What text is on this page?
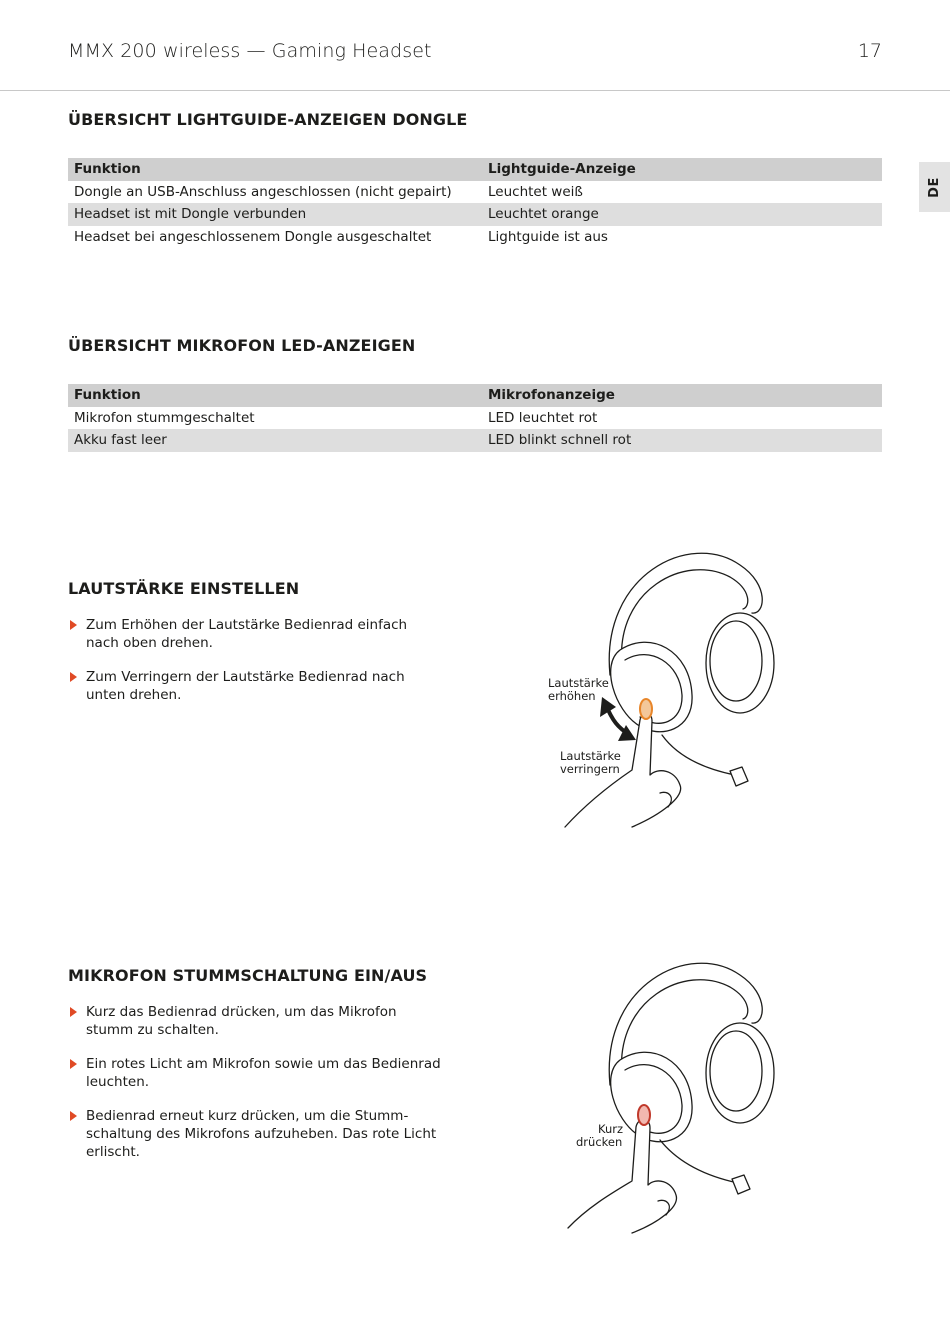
MMX 200 wireless — Gaming Headset	17
DE
ÜBERSICHT LIGHTGUIDE-ANZEIGEN DONGLE
Funktion	Lightguide-Anzeige
Dongle an USB-Anschluss angeschlossen (nicht gepairt)	Leuchtet weiß
Headset ist mit Dongle verbunden	Leuchtet orange
Headset bei angeschlossenem Dongle ausgeschaltet	Lightguide ist aus
ÜBERSICHT MIKROFON LED-ANZEIGEN
Funktion	Mikrofonanzeige
Mikrofon stummgeschaltet	LED leuchtet rot
Akku fast leer	LED blinkt schnell rot
LAUTSTÄRKE EINSTELLEN
Zum Erhöhen der Lautstärke Bedienrad einfach nach oben drehen.
Zum Verringern der Lautstärke Bedienrad nach unten drehen.
Lautstärke
erhöhen
Lautstärke
verringern
MIKROFON STUMMSCHALTUNG EIN/AUS
Kurz das Bedienrad drücken, um das Mikrofon stumm zu schalten.
Ein rotes Licht am Mikrofon sowie um das Bedienrad leuchten.
Bedienrad erneut kurz drücken, um die Stumm-schaltung des Mikrofons aufzuheben. Das rote Licht erlischt.
Kurz
drücken
